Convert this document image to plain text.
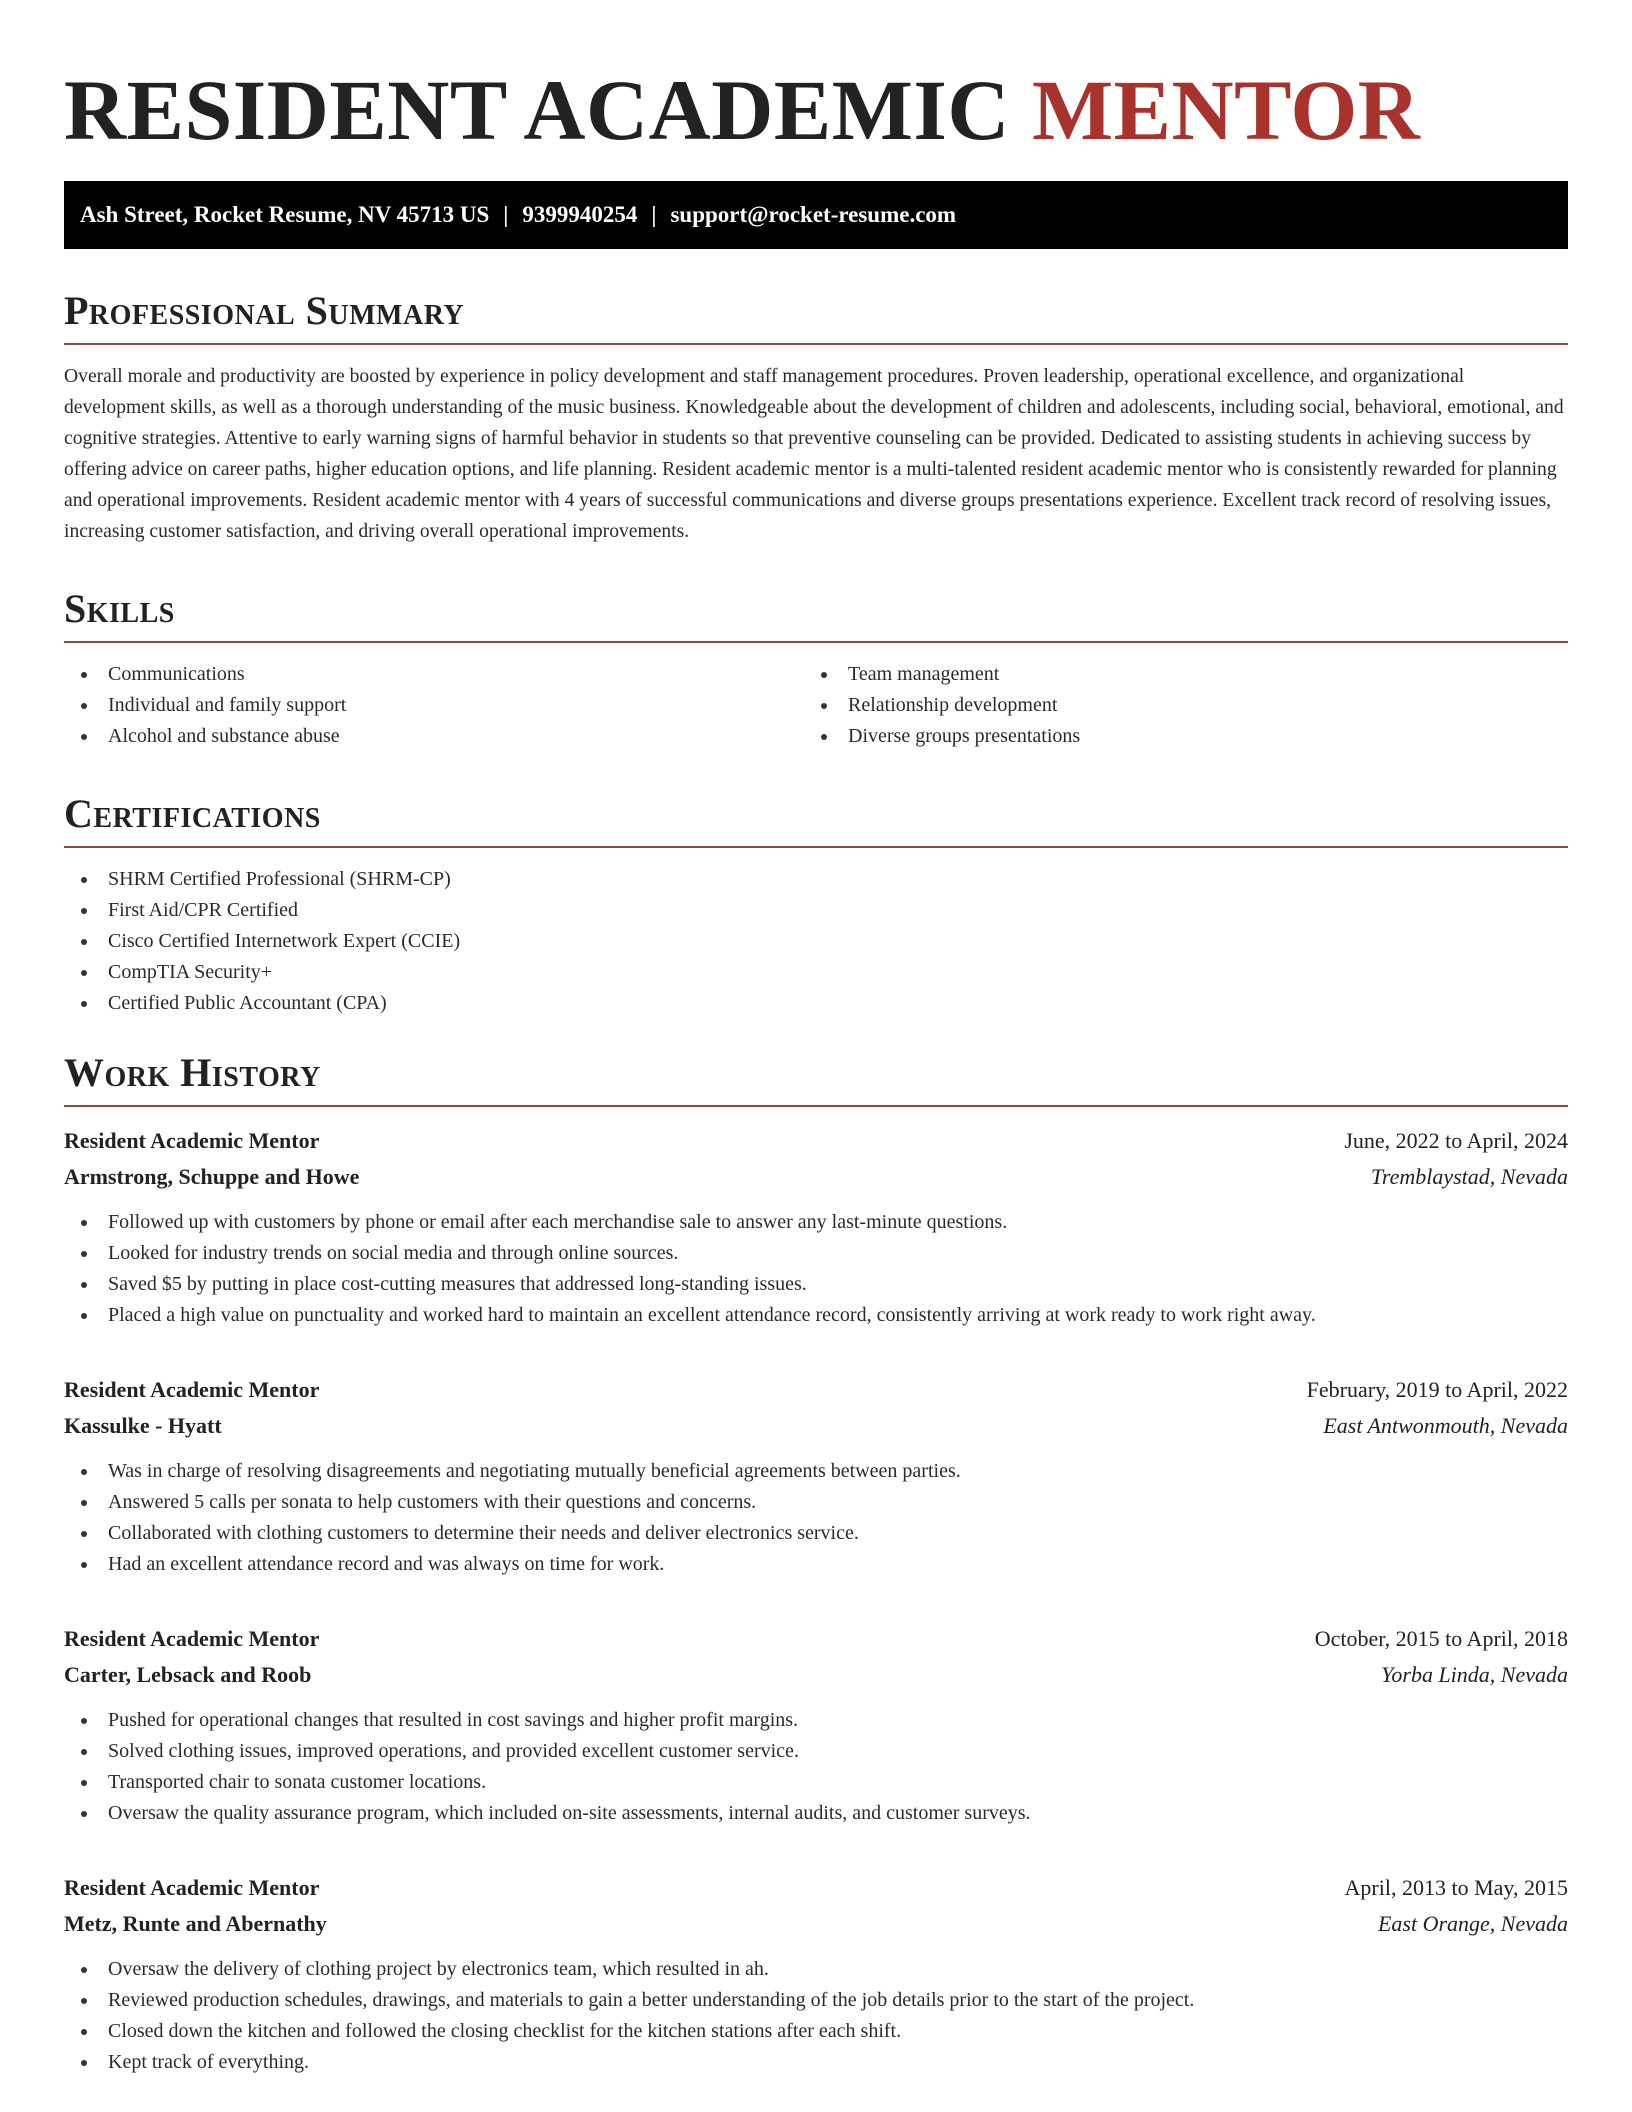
RESIDENT ACADEMIC MENTOR
Ash Street, Rocket Resume, NV 45713 US | 9399940254 | support@rocket-resume.com
Professional Summary

Overall morale and productivity are boosted by experience in policy development and staff management procedures. Proven leadership, operational excellence, and organizational development skills, as well as a thorough understanding of the music business. Knowledgeable about the development of children and adolescents, including social, behavioral, emotional, and cognitive strategies. Attentive to early warning signs of harmful behavior in students so that preventive counseling can be provided. Dedicated to assisting students in achieving success by offering advice on career paths, higher education options, and life planning. Resident academic mentor is a multi-talented resident academic mentor who is consistently rewarded for planning and operational improvements. Resident academic mentor with 4 years of successful communications and diverse groups presentations experience. Excellent track record of resolving issues, increasing customer satisfaction, and driving overall operational improvements.

Skills
Communications
Individual and family support
Alcohol and substance abuse
Team management
Relationship development
Diverse groups presentations
Certifications
SHRM Certified Professional (SHRM-CP)
First Aid/CPR Certified
Cisco Certified Internetwork Expert (CCIE)
CompTIA Security+
Certified Public Accountant (CPA)
Work History
Resident Academic Mentor	June, 2022 to April, 2024
Armstrong, Schuppe and Howe	Tremblaystad, Nevada
Followed up with customers by phone or email after each merchandise sale to answer any last-minute questions.
Looked for industry trends on social media and through online sources.
Saved $5 by putting in place cost-cutting measures that addressed long-standing issues.
Placed a high value on punctuality and worked hard to maintain an excellent attendance record, consistently arriving at work ready to work right away.
Resident Academic Mentor	February, 2019 to April, 2022
Kassulke - Hyatt	East Antwonmouth, Nevada
Was in charge of resolving disagreements and negotiating mutually beneficial agreements between parties.
Answered 5 calls per sonata to help customers with their questions and concerns.
Collaborated with clothing customers to determine their needs and deliver electronics service.
Had an excellent attendance record and was always on time for work.
Resident Academic Mentor	October, 2015 to April, 2018
Carter, Lebsack and Roob	Yorba Linda, Nevada
Pushed for operational changes that resulted in cost savings and higher profit margins.
Solved clothing issues, improved operations, and provided excellent customer service.
Transported chair to sonata customer locations.
Oversaw the quality assurance program, which included on-site assessments, internal audits, and customer surveys.
Resident Academic Mentor	April, 2013 to May, 2015
Metz, Runte and Abernathy	East Orange, Nevada
Oversaw the delivery of clothing project by electronics team, which resulted in ah.
Reviewed production schedules, drawings, and materials to gain a better understanding of the job details prior to the start of the project.
Closed down the kitchen and followed the closing checklist for the kitchen stations after each shift.
Kept track of everything.
